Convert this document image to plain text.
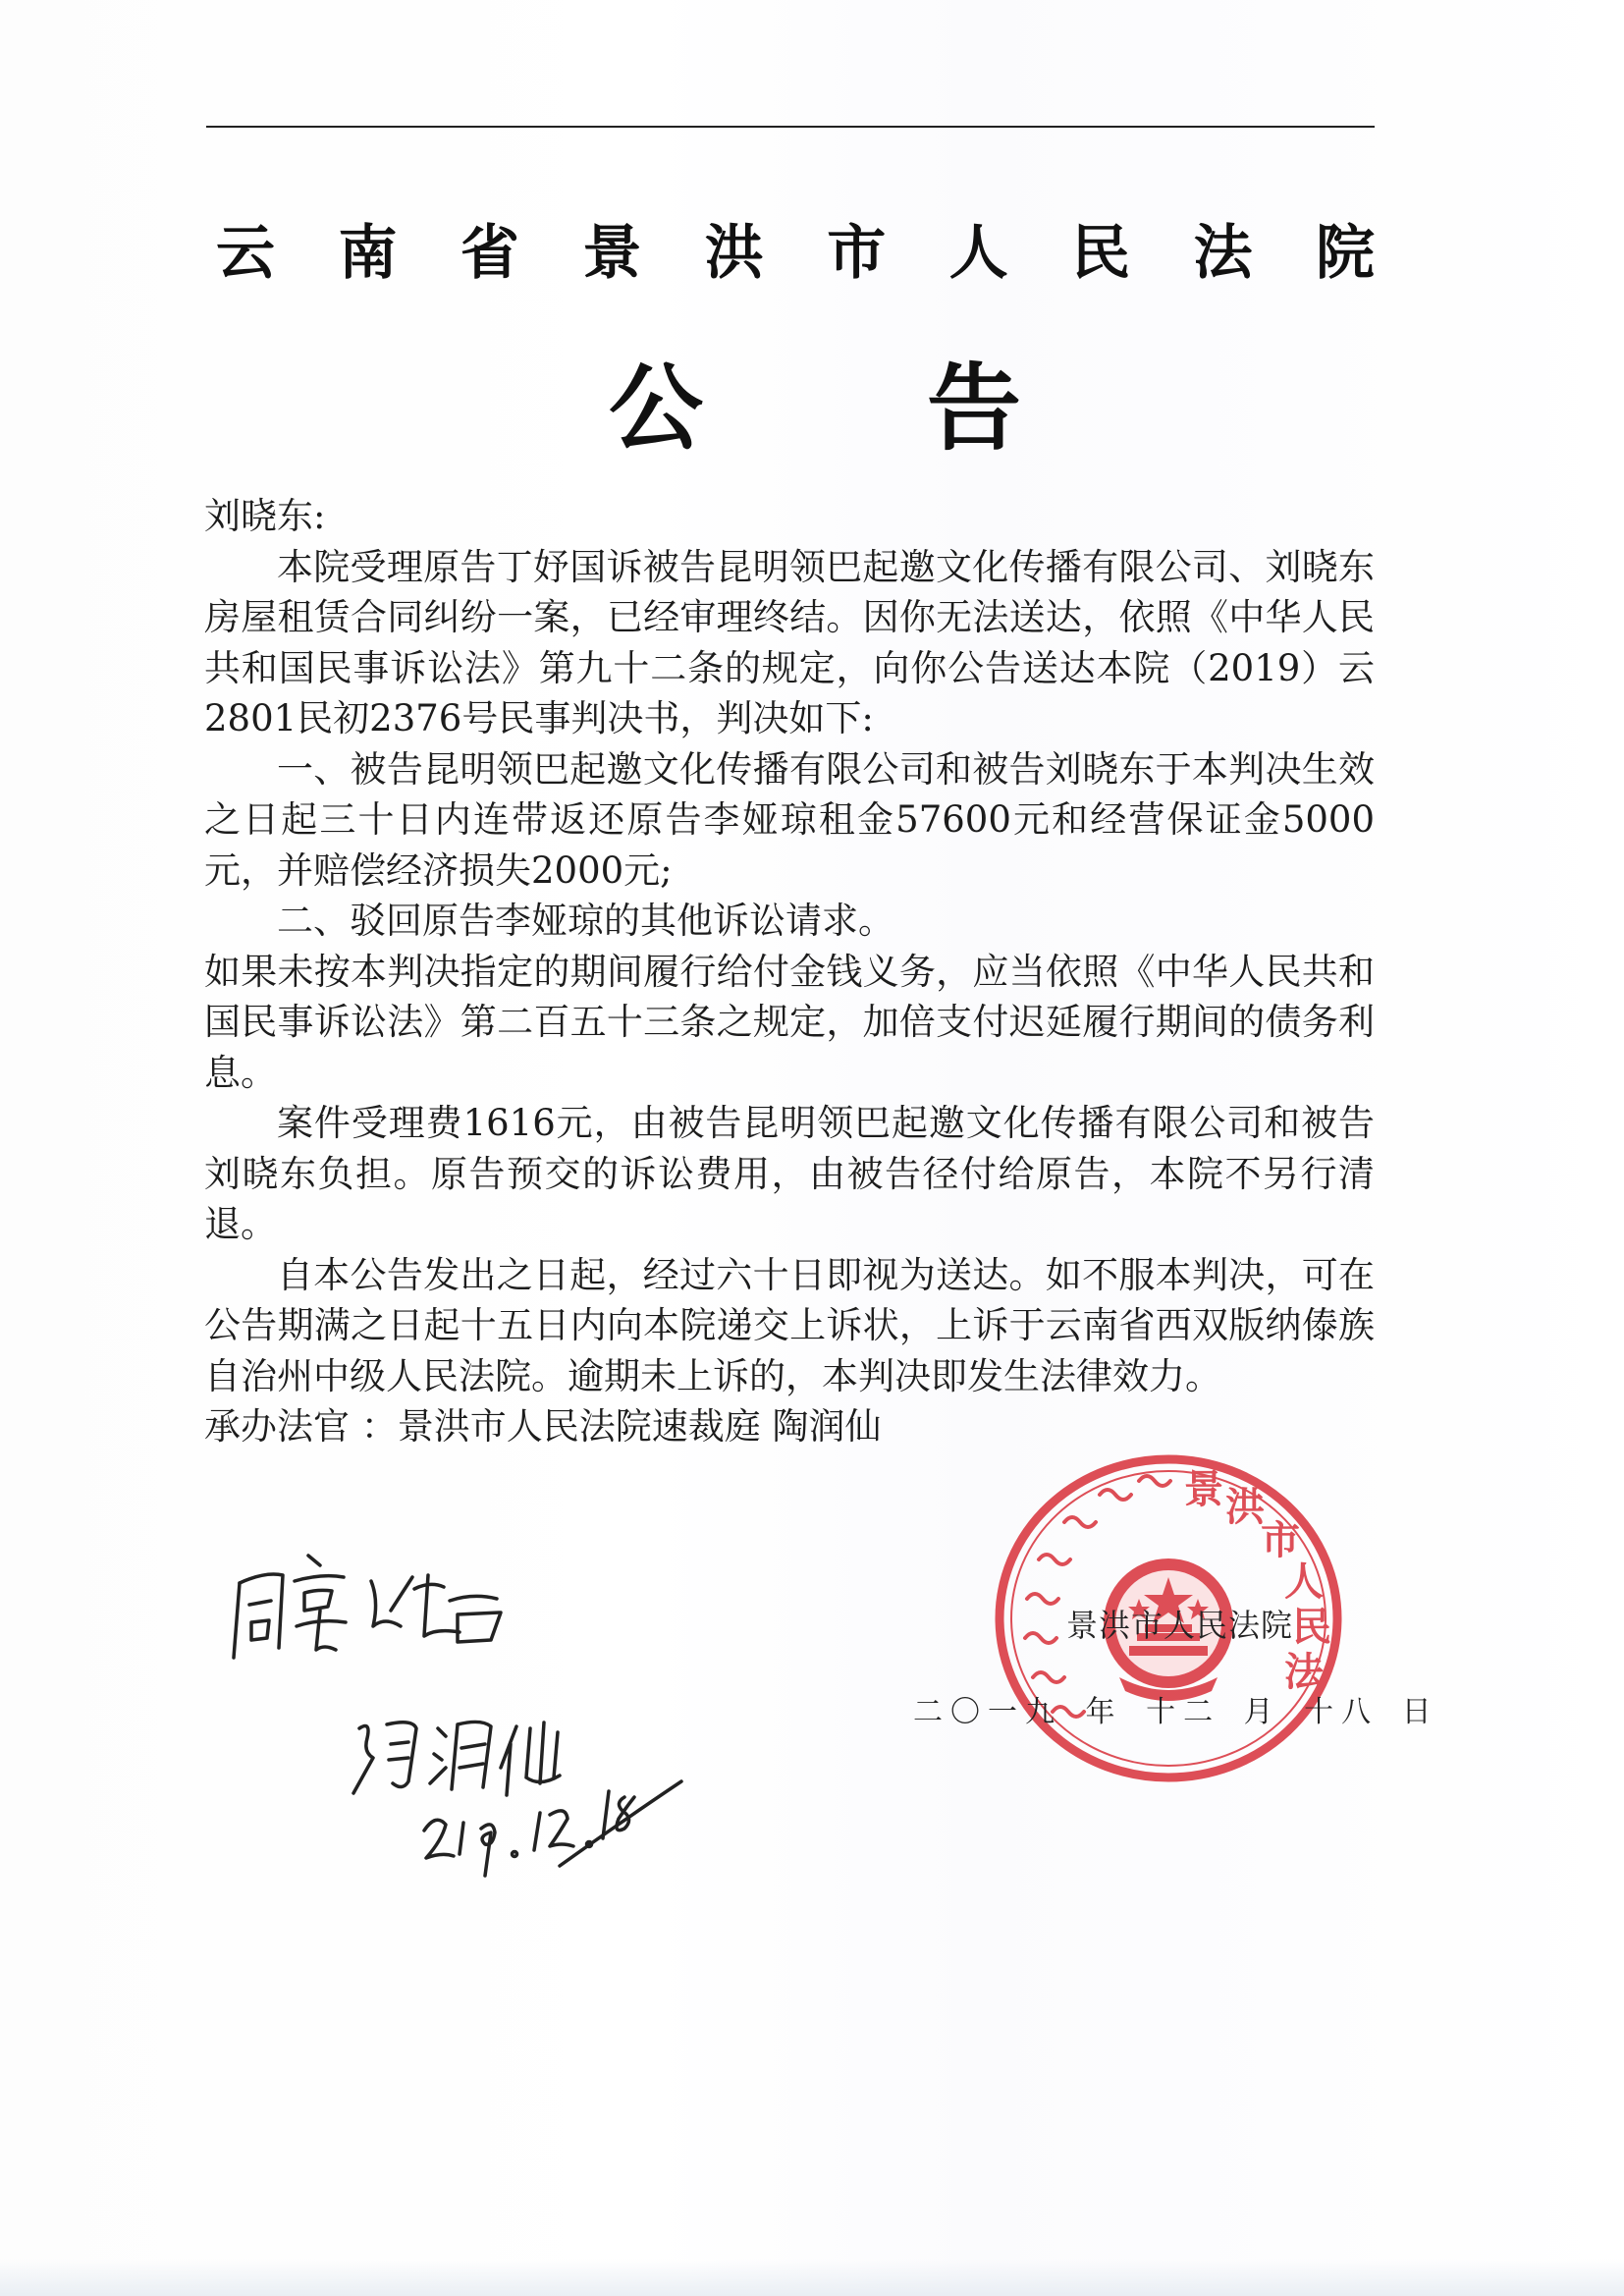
云 南 省 景 洪 市 人 民 法 院
公 告

刘晓东:

本院受理原告丁妤国诉被告昆明领巴起邀文化传播有限公司、刘晓东房屋租赁合同纠纷一案，已经审理终结。因你无法送达，依照《中华人民共和国民事诉讼法》第九十二条的规定，向你公告送达本院（2019）云2801民初2376号民事判决书，判决如下:

一、被告昆明领巴起邀文化传播有限公司和被告刘晓东于本判决生效之日起三十日内连带返还原告李娅琼租金57600元和经营保证金5000元，并赔偿经济损失2000元;

二、驳回原告李娅琼的其他诉讼请求。

如果未按本判决指定的期间履行给付金钱义务，应当依照《中华人民共和国民事诉讼法》第二百五十三条之规定，加倍支付迟延履行期间的债务利息。

案件受理费1616元，由被告昆明领巴起邀文化传播有限公司和被告刘晓东负担。原告预交的诉讼费用，由被告径付给原告，本院不另行清退。

自本公告发出之日起，经过六十日即视为送达。如不服本判决，可在公告期满之日起十五日内向本院递交上诉状，上诉于云南省西双版纳傣族自治州中级人民法院。逾期未上诉的，本判决即发生法律效力。

承办法官 ：景洪市人民法院速裁庭 陶润仙

景 洪
市
人
民
法
景洪市人民法院
二〇一九 年 十二 月 十八 日
